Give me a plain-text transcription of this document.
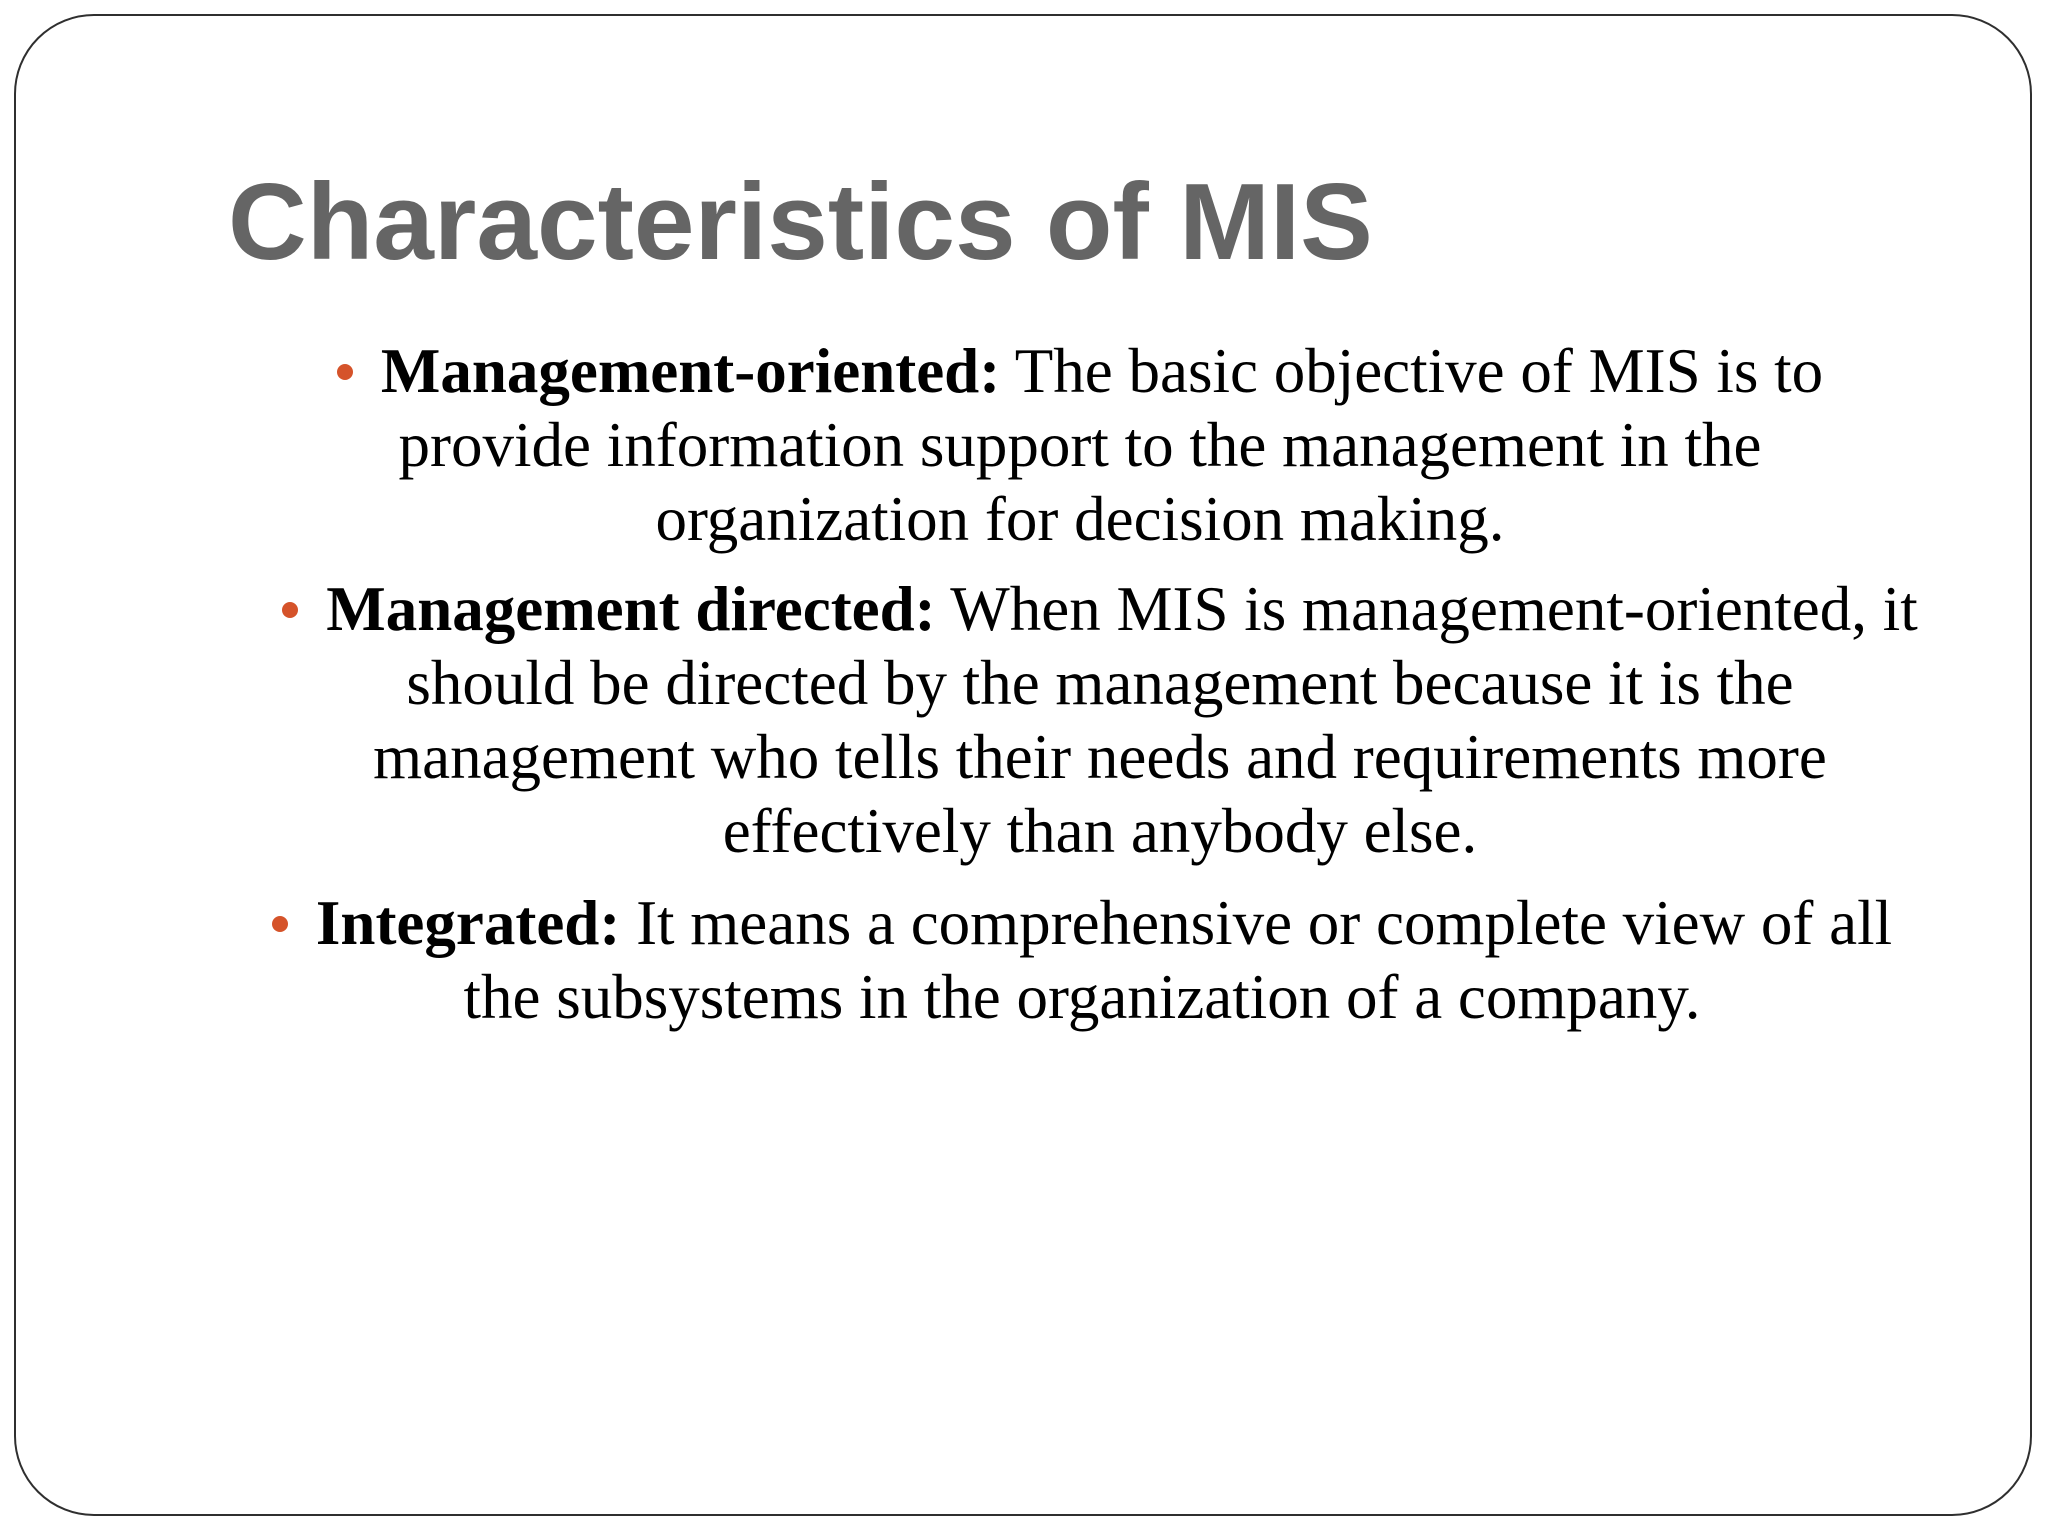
Characteristics of MIS

Management-oriented: The basic objective of MIS is to provide information support to the management in the organization for decision making.

Management directed: When MIS is management-oriented, it should be directed by the management because it is the management who tells their needs and requirements more effectively than anybody else.

Integrated: It means a comprehensive or complete view of all the subsystems in the organization of a company.
